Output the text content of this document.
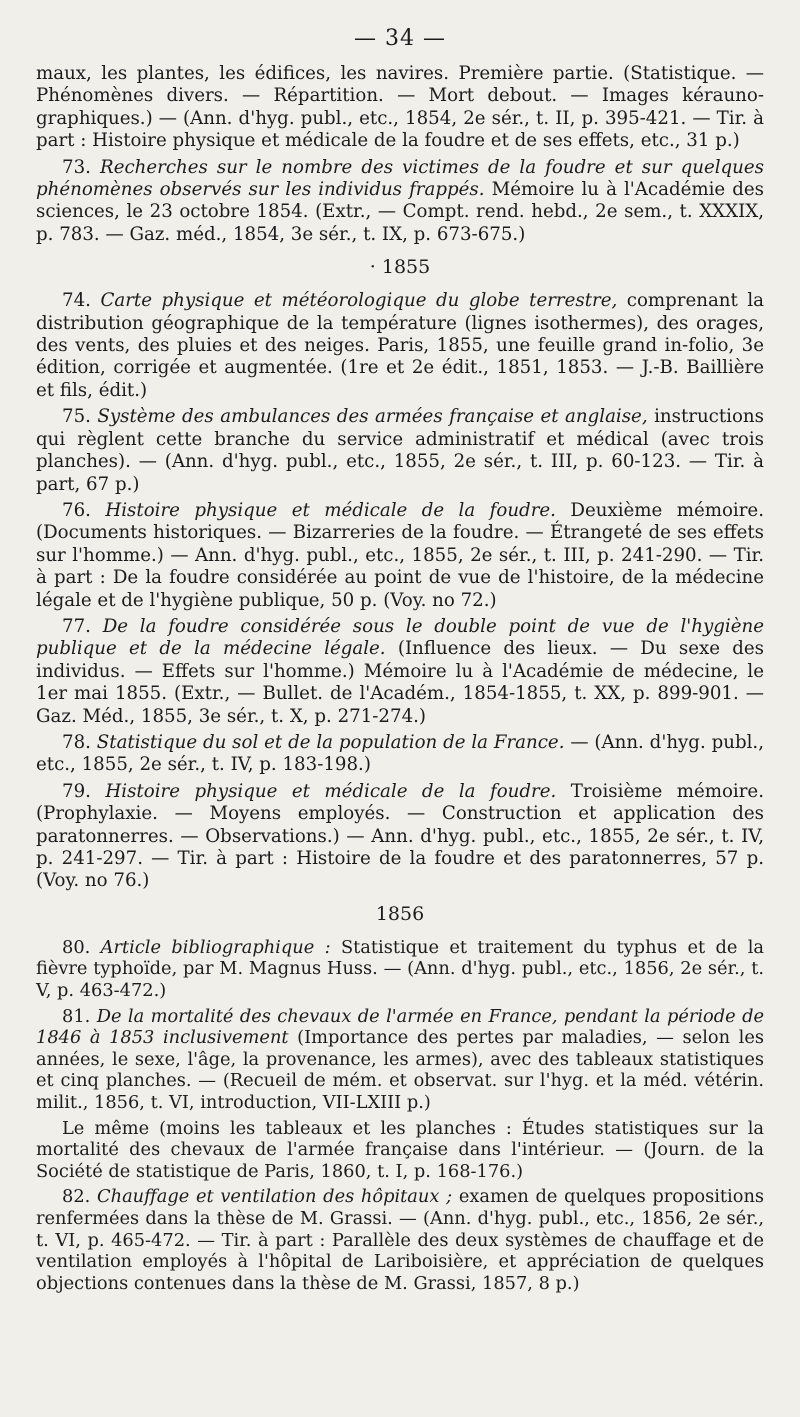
— 34 —

maux, les plantes, les édifices, les navires. Première partie. (Statistique. — Phénomènes divers. — Répartition. — Mort debout. — Images kérauno-graphiques.) — (Ann. d'hyg. publ., etc., 1854, 2e sér., t. II, p. 395-421. — Tir. à part : Histoire physique et médicale de la foudre et de ses effets, etc., 31 p.)

73. Recherches sur le nombre des victimes de la foudre et sur quelques phénomènes observés sur les individus frappés. Mémoire lu à l'Académie des sciences, le 23 octobre 1854. (Extr., — Compt. rend. hebd., 2e sem., t. XXXIX, p. 783. — Gaz. méd., 1854, 3e sér., t. IX, p. 673-675.)

· 1855

74. Carte physique et météorologique du globe terrestre, comprenant la distribution géographique de la température (lignes isothermes), des orages, des vents, des pluies et des neiges. Paris, 1855, une feuille grand in-folio, 3e édition, corrigée et augmentée. (1re et 2e édit., 1851, 1853. — J.-B. Baillière et fils, édit.)

75. Système des ambulances des armées française et anglaise, instructions qui règlent cette branche du service administratif et médical (avec trois planches). — (Ann. d'hyg. publ., etc., 1855, 2e sér., t. III, p. 60-123. — Tir. à part, 67 p.)

76. Histoire physique et médicale de la foudre. Deuxième mémoire. (Documents historiques. — Bizarreries de la foudre. — Étrangeté de ses effets sur l'homme.) — Ann. d'hyg. publ., etc., 1855, 2e sér., t. III, p. 241-290. — Tir. à part : De la foudre considérée au point de vue de l'histoire, de la médecine légale et de l'hygiène publique, 50 p. (Voy. no 72.)

77. De la foudre considérée sous le double point de vue de l'hygiène publique et de la médecine légale. (Influence des lieux. — Du sexe des individus. — Effets sur l'homme.) Mémoire lu à l'Académie de médecine, le 1er mai 1855. (Extr., — Bullet. de l'Académ., 1854-1855, t. XX, p. 899-901. — Gaz. Méd., 1855, 3e sér., t. X, p. 271-274.)

78. Statistique du sol et de la population de la France. — (Ann. d'hyg. publ., etc., 1855, 2e sér., t. IV, p. 183-198.)

79. Histoire physique et médicale de la foudre. Troisième mémoire. (Prophylaxie. — Moyens employés. — Construction et application des paratonnerres. — Observations.) — Ann. d'hyg. publ., etc., 1855, 2e sér., t. IV, p. 241-297. — Tir. à part : Histoire de la foudre et des paratonnerres, 57 p. (Voy. no 76.)

1856

80. Article bibliographique : Statistique et traitement du typhus et de la fièvre typhoïde, par M. Magnus Huss. — (Ann. d'hyg. publ., etc., 1856, 2e sér., t. V, p. 463-472.)

81. De la mortalité des chevaux de l'armée en France, pendant la période de 1846 à 1853 inclusivement (Importance des pertes par maladies, — selon les années, le sexe, l'âge, la provenance, les armes), avec des tableaux statistiques et cinq planches. — (Recueil de mém. et observat. sur l'hyg. et la méd. vétérin. milit., 1856, t. VI, introduction, VII-LXIII p.)

Le même (moins les tableaux et les planches : Études statistiques sur la mortalité des chevaux de l'armée française dans l'intérieur. — (Journ. de la Société de statistique de Paris, 1860, t. I, p. 168-176.)

82. Chauffage et ventilation des hôpitaux ; examen de quelques propositions renfermées dans la thèse de M. Grassi. — (Ann. d'hyg. publ., etc., 1856, 2e sér., t. VI, p. 465-472. — Tir. à part : Parallèle des deux systèmes de chauffage et de ventilation employés à l'hôpital de Lariboisière, et appréciation de quelques objections contenues dans la thèse de M. Grassi, 1857, 8 p.)
